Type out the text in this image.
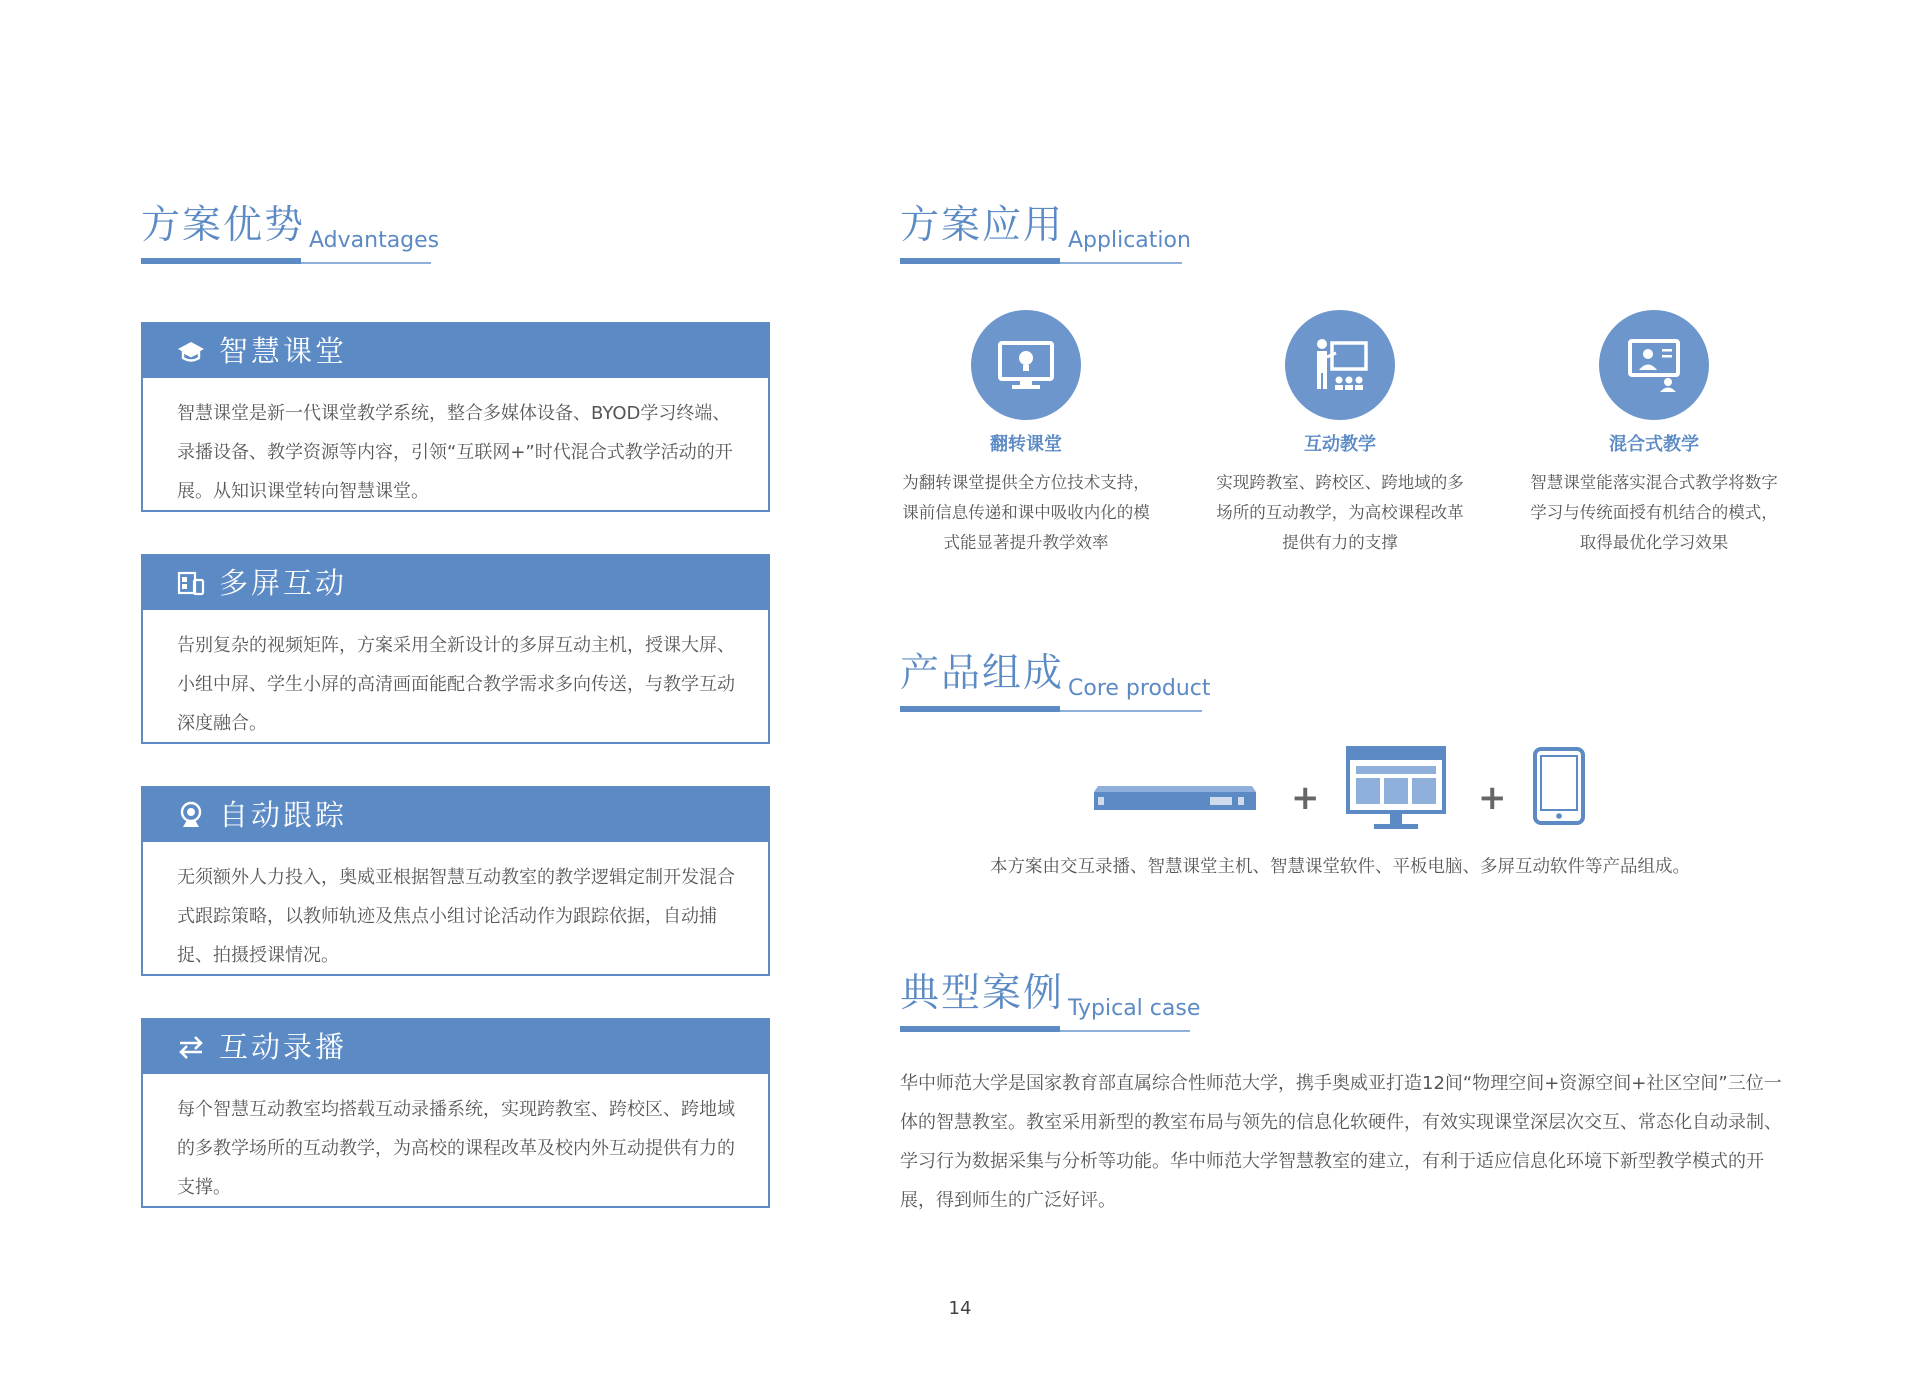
方案优势 Advantages
智慧课堂
智慧课堂是新一代课堂教学系统，整合多媒体设备、BYOD学习终端、录播设备、教学资源等内容，引领“互联网+”时代混合式教学活动的开展。从知识课堂转向智慧课堂。
多屏互动
告别复杂的视频矩阵，方案采用全新设计的多屏互动主机，授课大屏、小组中屏、学生小屏的高清画面能配合教学需求多向传送，与教学互动深度融合。
自动跟踪
无须额外人力投入，奥威亚根据智慧互动教室的教学逻辑定制开发混合式跟踪策略，以教师轨迹及焦点小组讨论活动作为跟踪依据，自动捕捉、拍摄授课情况。
互动录播
每个智慧互动教室均搭载互动录播系统，实现跨教室、跨校区、跨地域的多教学场所的互动教学，为高校的课程改革及校内外互动提供有力的支撑。
方案应用 Application
翻转课堂
为翻转课堂提供全方位技术支持，课前信息传递和课中吸收内化的模式能显著提升教学效率
互动教学
实现跨教室、跨校区、跨地域的多场所的互动教学，为高校课程改革提供有力的支撑
混合式教学
智慧课堂能落实混合式教学将数字学习与传统面授有机结合的模式，取得最优化学习效果
产品组成 Core product
+	+
本方案由交互录播、智慧课堂主机、智慧课堂软件、平板电脑、多屏互动软件等产品组成。
典型案例 Typical case
华中师范大学是国家教育部直属综合性师范大学，携手奥威亚打造12间“物理空间+资源空间+社区空间”三位一体的智慧教室。教室采用新型的教室布局与领先的信息化软硬件，有效实现课堂深层次交互、常态化自动录制、学习行为数据采集与分析等功能。华中师范大学智慧教室的建立，有利于适应信息化环境下新型教学模式的开展，得到师生的广泛好评。
14
